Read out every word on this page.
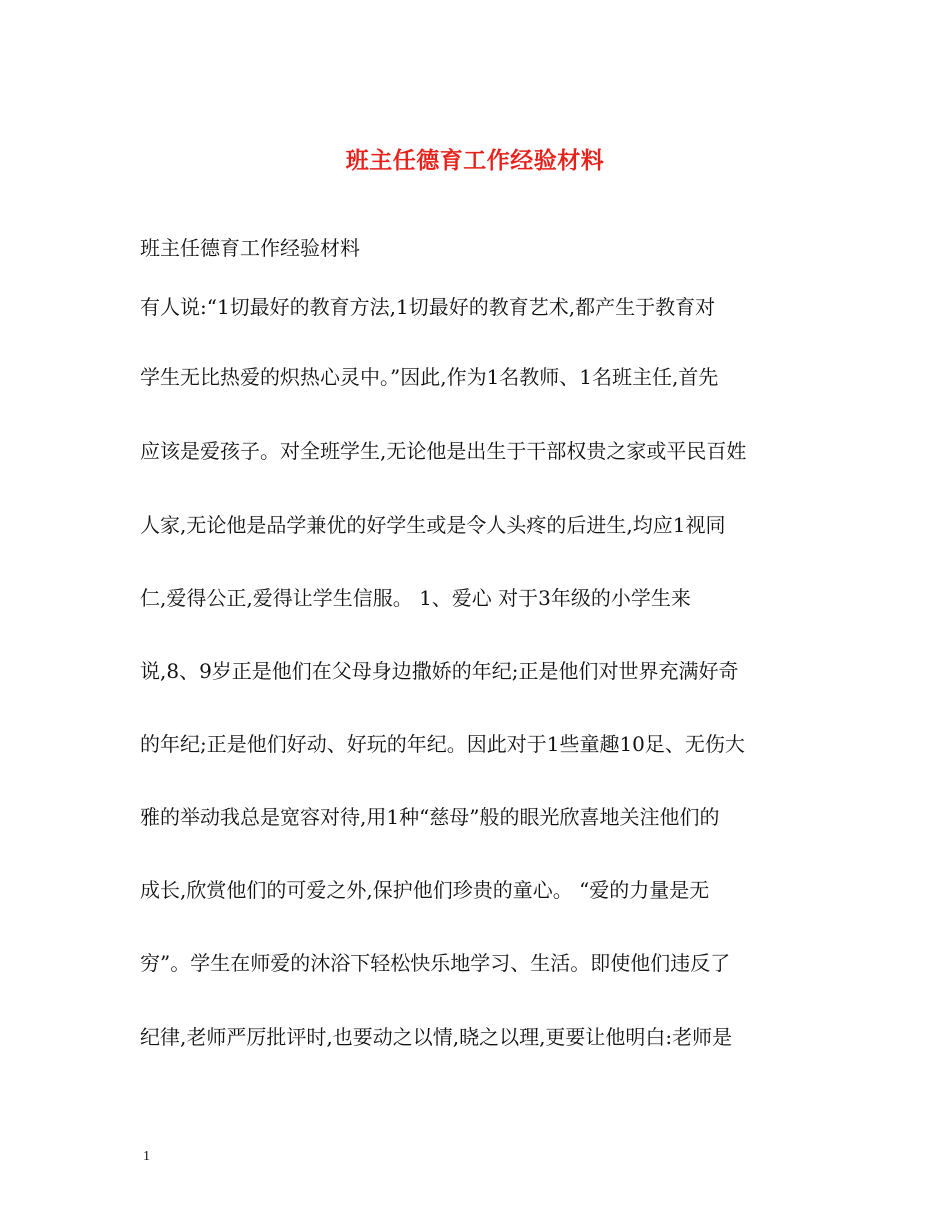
班主任德育工作经验材料
班主任德育工作经验材料
有人说:“1切最好的教育方法,1切最好的教育艺术,都产生于教育对
学生无比热爱的炽热心灵中。”因此,作为1名教师、1名班主任,首先
应该是爱孩子。对全班学生,无论他是出生于干部权贵之家或平民百姓
人家,无论他是品学兼优的好学生或是令人头疼的后进生,均应1视同
仁,爱得公正,爱得让学生信服。 1、爱心 对于3年级的小学生来
说,8、9岁正是他们在父母身边撒娇的年纪;正是他们对世界充满好奇
的年纪;正是他们好动、好玩的年纪。因此对于1些童趣10足、无伤大
雅的举动我总是宽容对待,用1种“慈母”般的眼光欣喜地关注他们的
成长,欣赏他们的可爱之外,保护他们珍贵的童心。 “爱的力量是无
穷”。学生在师爱的沐浴下轻松快乐地学习、生活。即使他们违反了
纪律,老师严厉批评时,也要动之以情,晓之以理,更要让他明白:老师是
1
